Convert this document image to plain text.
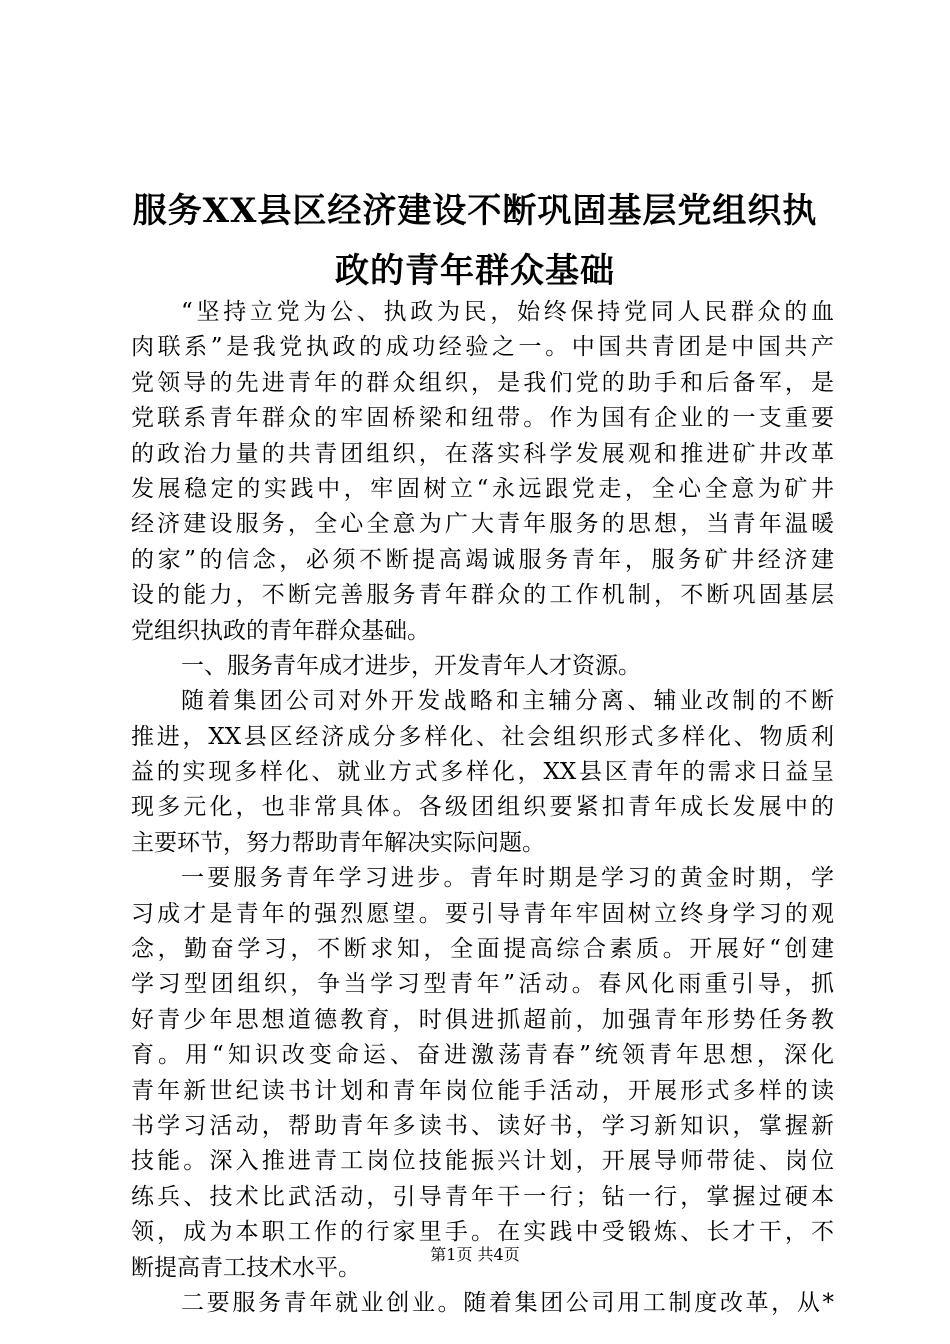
服务XX县区经济建设不断巩固基层党组织执
政的青年群众基础
“坚持立党为公、执政为民，始终保持党同人民群众的血
肉联系”是我党执政的成功经验之一。中国共青团是中国共产
党领导的先进青年的群众组织，是我们党的助手和后备军，是
党联系青年群众的牢固桥梁和纽带。作为国有企业的一支重要
的政治力量的共青团组织，在落实科学发展观和推进矿井改革
发展稳定的实践中，牢固树立“永远跟党走，全心全意为矿井
经济建设服务，全心全意为广大青年服务的思想，当青年温暖
的家”的信念，必须不断提高竭诚服务青年，服务矿井经济建
设的能力，不断完善服务青年群众的工作机制，不断巩固基层
党组织执政的青年群众基础。
一、服务青年成才进步，开发青年人才资源。
随着集团公司对外开发战略和主辅分离、辅业改制的不断
推进，XX县区经济成分多样化、社会组织形式多样化、物质利
益的实现多样化、就业方式多样化，XX县区青年的需求日益呈
现多元化，也非常具体。各级团组织要紧扣青年成长发展中的
主要环节，努力帮助青年解决实际问题。
一要服务青年学习进步。青年时期是学习的黄金时期，学
习成才是青年的强烈愿望。要引导青年牢固树立终身学习的观
念，勤奋学习，不断求知，全面提高综合素质。开展好“创建
学习型团组织，争当学习型青年”活动。春风化雨重引导，抓
好青少年思想道德教育，时俱进抓超前，加强青年形势任务教
育。用“知识改变命运、奋进激荡青春”统领青年思想，深化
青年新世纪读书计划和青年岗位能手活动，开展形式多样的读
书学习活动，帮助青年多读书、读好书，学习新知识，掌握新
技能。深入推进青工岗位技能振兴计划，开展导师带徒、岗位
练兵、技术比武活动，引导青年干一行；钻一行，掌握过硬本
领，成为本职工作的行家里手。在实践中受锻炼、长才干，不
断提高青工技术水平。
二要服务青年就业创业。随着集团公司用工制度改革，从*
第1页 共4页
